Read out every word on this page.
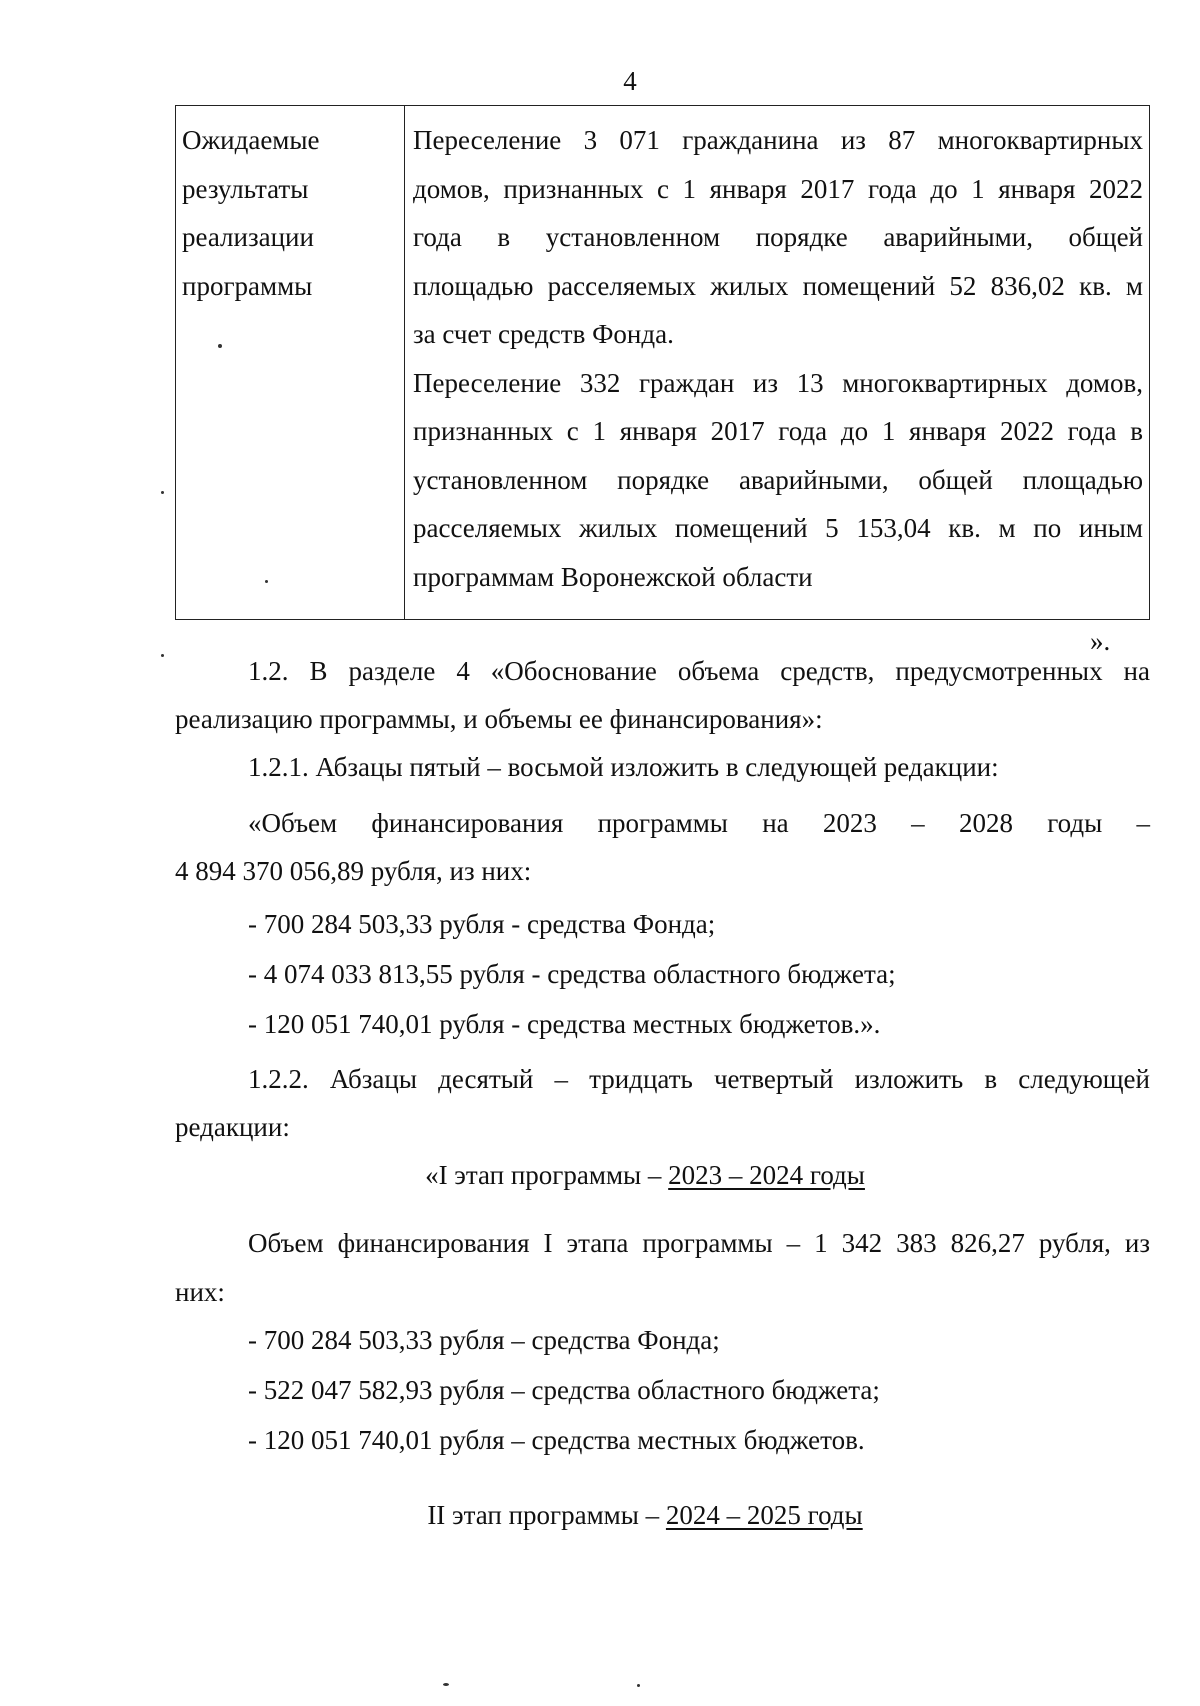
4
Ожидаемые
результаты
реализации
программы
Переселение 3 071 гражданина из 87 многоквартирных
домов, признанных с 1 января 2017 года до 1 января 2022
года в установленном порядке аварийными, общей
площадью расселяемых жилых помещений 52 836,02 кв. м
за счет средств Фонда.
Переселение 332 граждан из 13 многоквартирных домов,
признанных с 1 января 2017 года до 1 января 2022 года в
установленном порядке аварийными, общей площадью
расселяемых жилых помещений 5 153,04 кв. м по иным
программам Воронежской области
».
1.2. В разделе 4 «Обоснование объема средств, предусмотренных на
реализацию программы, и объемы ее финансирования»:
1.2.1. Абзацы пятый – восьмой изложить в следующей редакции:
«Объем финансирования программы на 2023 – 2028 годы –
4 894 370 056,89 рубля, из них:
- 700 284 503,33 рубля - средства Фонда;
- 4 074 033 813,55 рубля - средства областного бюджета;
- 120 051 740,01 рубля - средства местных бюджетов.».
1.2.2. Абзацы десятый – тридцать четвертый изложить в следующей
редакции:
«I этап программы – 2023 – 2024 годы
Объем финансирования I этапа программы – 1 342 383 826,27 рубля, из
них:
- 700 284 503,33 рубля – средства Фонда;
- 522 047 582,93 рубля – средства областного бюджета;
- 120 051 740,01 рубля – средства местных бюджетов.
II этап программы – 2024 – 2025 годы
